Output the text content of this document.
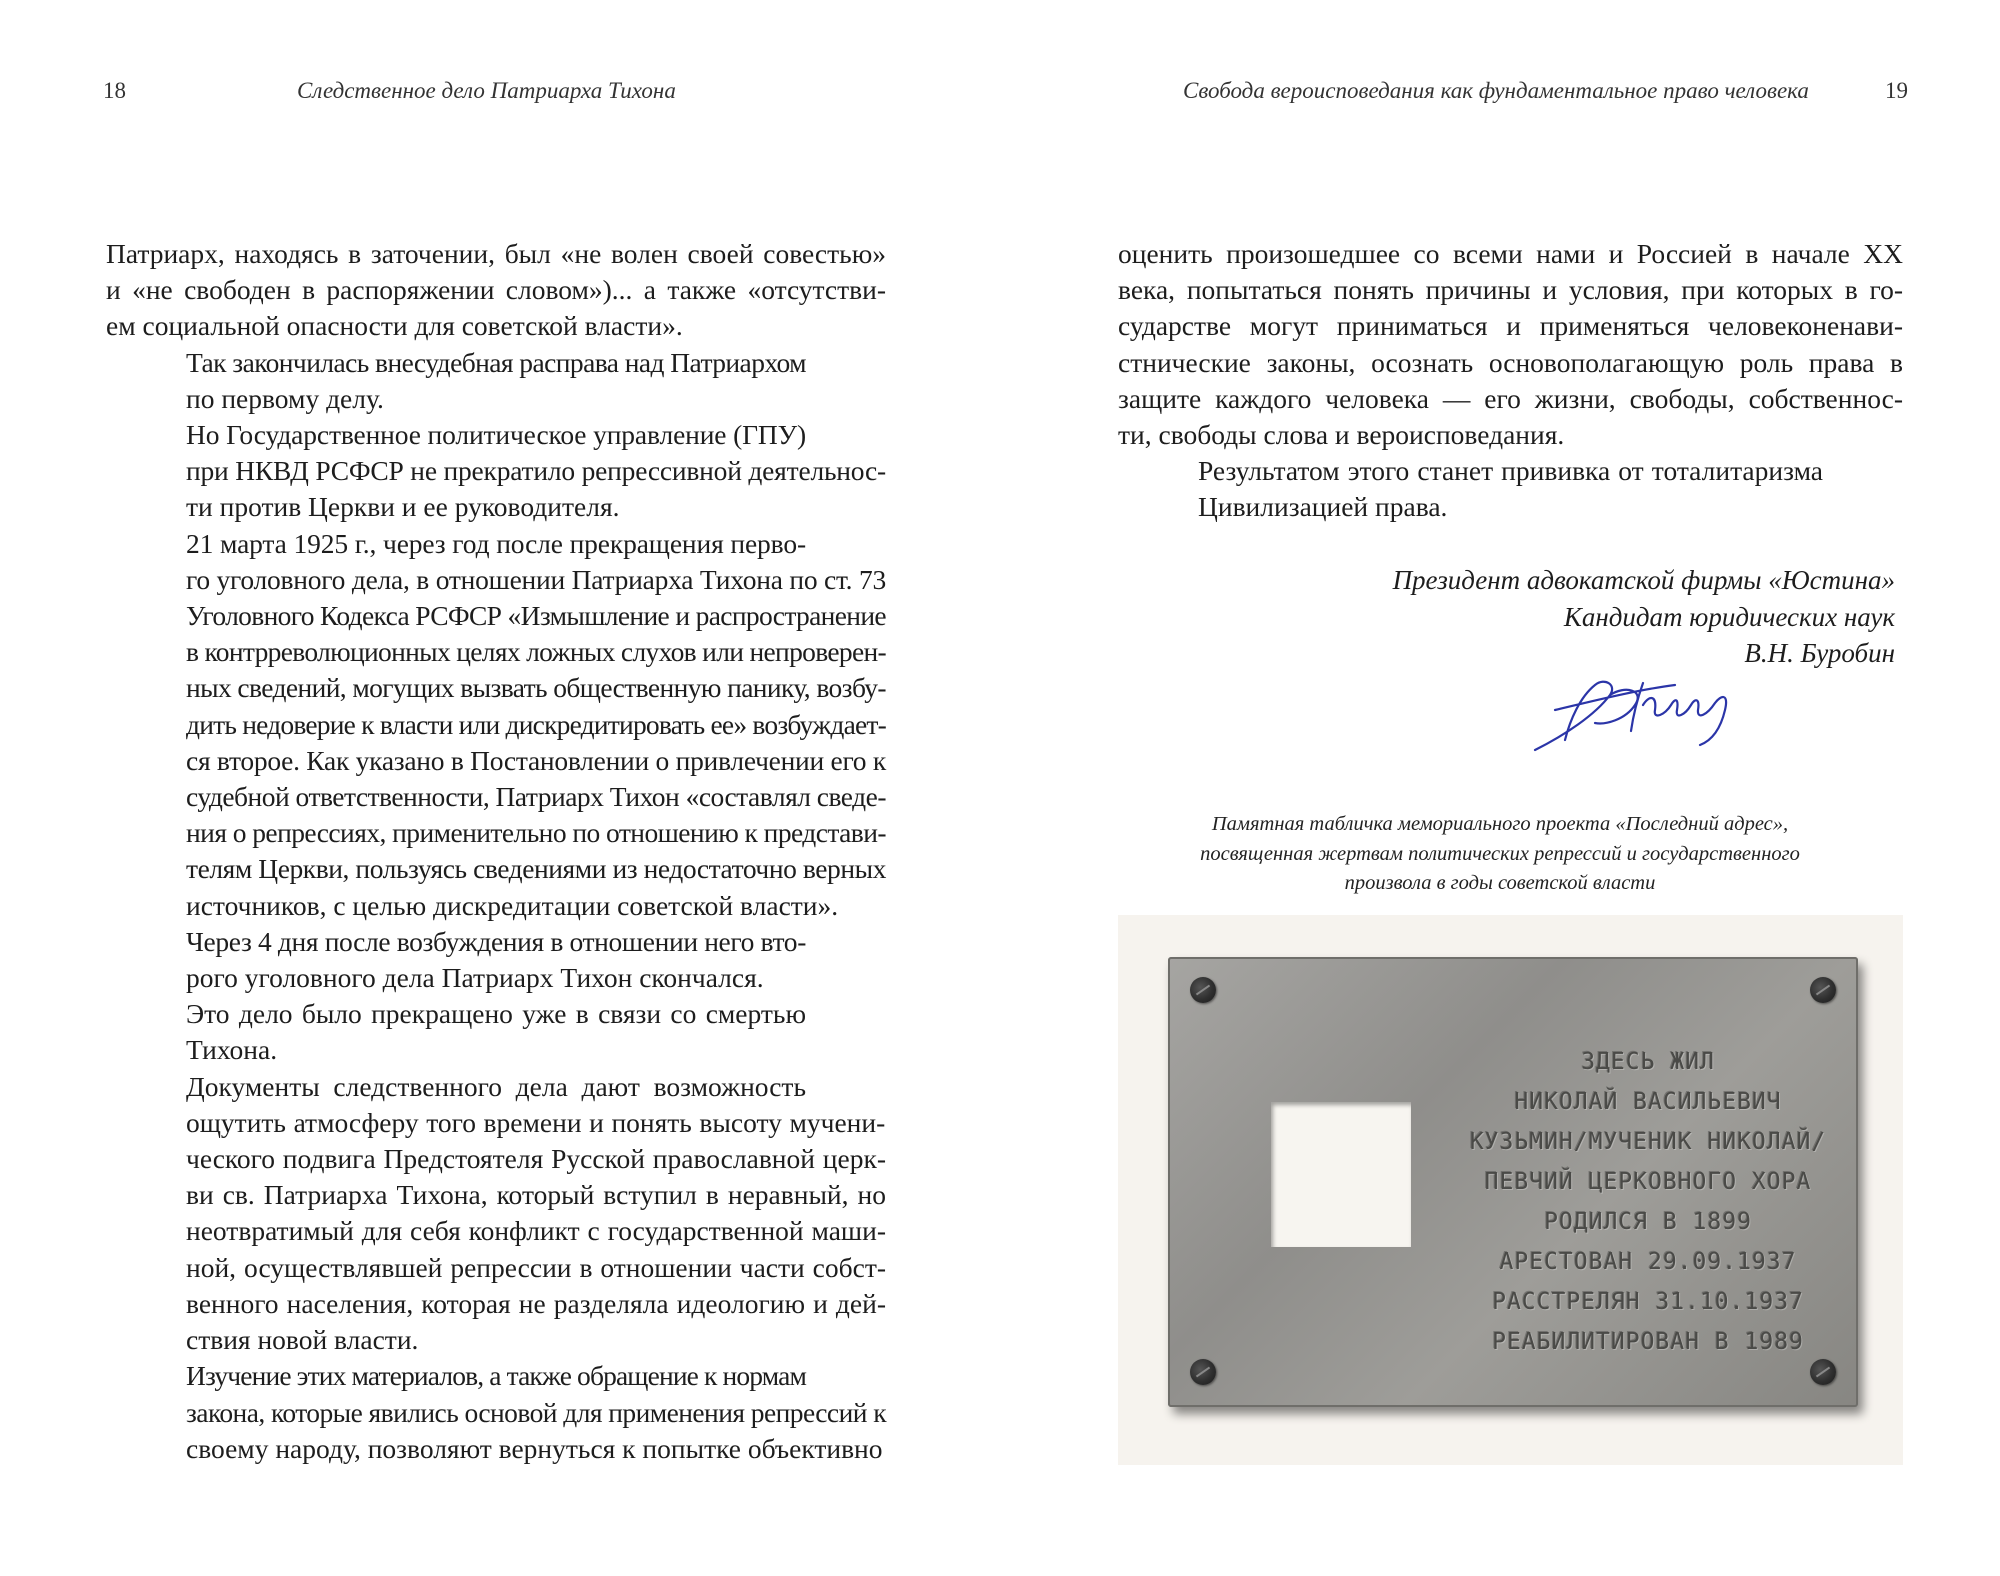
18	Следственное дело Патриарха Тихона

Патриарх, находясь в заточении, был «не волен своей совестью»
и «не свободен в распоряжении словом»)... а также «отсутстви-
ем социальной опасности для советской власти».

Так закончилась внесудебная расправа над Патриархом
по первому делу.

Но Государственное политическое управление (ГПУ)
при НКВД РСФСР не прекратило репрессивной деятельнос-
ти против Церкви и ее руководителя.

21 марта 1925 г., через год после прекращения перво-
го уголовного дела, в отношении Патриарха Тихона по ст. 73
Уголовного Кодекса РСФСР «Измышление и распространение
в контрреволюционных целях ложных слухов или непроверен-
ных сведений, могущих вызвать общественную панику, возбу-
дить недоверие к власти или дискредитировать ее» возбуждает-
ся второе. Как указано в Постановлении о привлечении его к
судебной ответственности, Патриарх Тихон «составлял сведе-
ния о репрессиях, применительно по отношению к представи-
телям Церкви, пользуясь сведениями из недостаточно верных
источников, с целью дискредитации советской власти».

Через 4 дня после возбуждения в отношении него вто-
рого уголовного дела Патриарх Тихон скончался.

Это дело было прекращено уже в связи со смертью
Тихона.

Документы следственного дела дают возможность
ощутить атмосферу того времени и понять высоту мучени-
ческого подвига Предстоятеля Русской православной церк-
ви св. Патриарха Тихона, который вступил в неравный, но
неотвратимый для себя конфликт с государственной маши-
ной, осуществлявшей репрессии в отношении части собст-
венного населения, которая не разделяла идеологию и дей-
ствия новой власти.

Изучение этих материалов, а также обращение к нормам
закона, которые явились основой для применения репрессий к
своему народу, позволяют вернуться к попытке объективно

Свобода вероисповедания как фундаментальное право человека	19

оценить произошедшее со всеми нами и Россией в начале XX
века, попытаться понять причины и условия, при которых в го-
сударстве могут приниматься и применяться человеконенави-
стнические законы, осознать основополагающую роль права в
защите каждого человека — его жизни, свободы, собственнос-
ти, свободы слова и вероисповедания.

Результатом этого станет прививка от тоталитаризма
Цивилизацией права.

Президент адвокатской фирмы «Юстина»
Кандидат юридических наук
В.Н. Буробин
Памятная табличка мемориального проекта «Последний адрес»,
посвященная жертвам политических репрессий и государственного
произвола в годы советской власти
ЗДЕСЬ ЖИЛ
НИКОЛАЙ ВАСИЛЬЕВИЧ
КУЗЬМИН/МУЧЕНИК НИКОЛАЙ/
ПЕВЧИЙ ЦЕРКОВНОГО ХОРА
РОДИЛСЯ В 1899
АРЕСТОВАН 29.09.1937
РАССТРЕЛЯН 31.10.1937
РЕАБИЛИТИРОВАН В 1989
